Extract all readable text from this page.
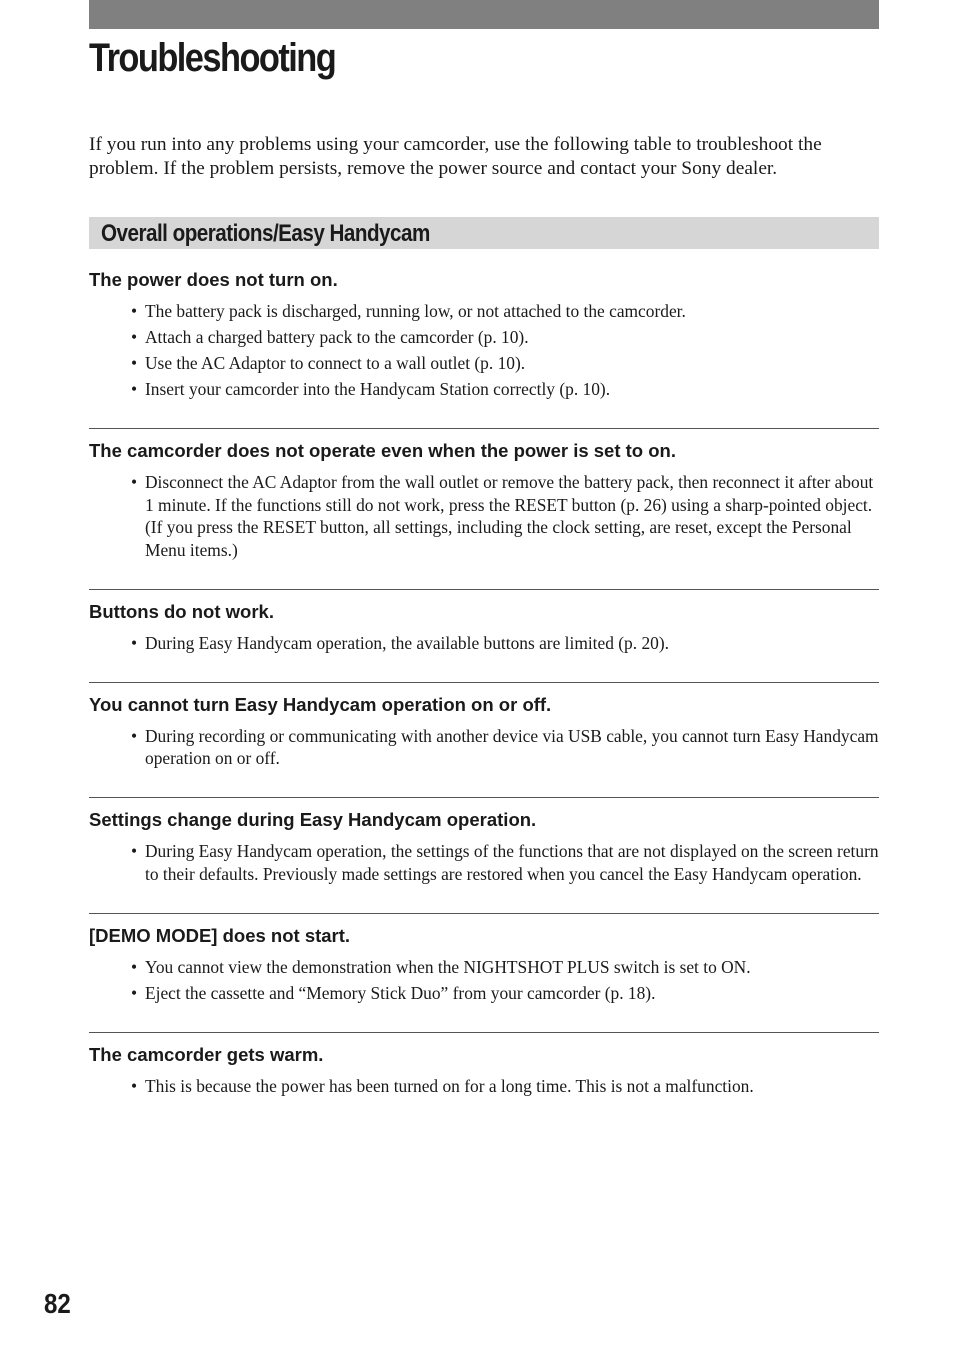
Troubleshooting

If you run into any problems using your camcorder, use the following table to troubleshoot the problem. If the problem persists, remove the power source and contact your Sony dealer.

Overall operations/Easy Handycam
The power does not turn on.
• The battery pack is discharged, running low, or not attached to the camcorder.
• Attach a charged battery pack to the camcorder (p. 10).
• Use the AC Adaptor to connect to a wall outlet (p. 10).
• Insert your camcorder into the Handycam Station correctly (p. 10).
The camcorder does not operate even when the power is set to on.
• Disconnect the AC Adaptor from the wall outlet or remove the battery pack, then reconnect it after about 1 minute. If the functions still do not work, press the RESET button (p. 26) using a sharp-pointed object. (If you press the RESET button, all settings, including the clock setting, are reset, except the Personal Menu items.)
Buttons do not work.
• During Easy Handycam operation, the available buttons are limited (p. 20).
You cannot turn Easy Handycam operation on or off.
• During recording or communicating with another device via USB cable, you cannot turn Easy Handycam operation on or off.
Settings change during Easy Handycam operation.
• During Easy Handycam operation, the settings of the functions that are not displayed on the screen return to their defaults. Previously made settings are restored when you cancel the Easy Handycam operation.
[DEMO MODE] does not start.
• You cannot view the demonstration when the NIGHTSHOT PLUS switch is set to ON.
• Eject the cassette and “Memory Stick Duo” from your camcorder (p. 18).
The camcorder gets warm.
• This is because the power has been turned on for a long time. This is not a malfunction.

82
